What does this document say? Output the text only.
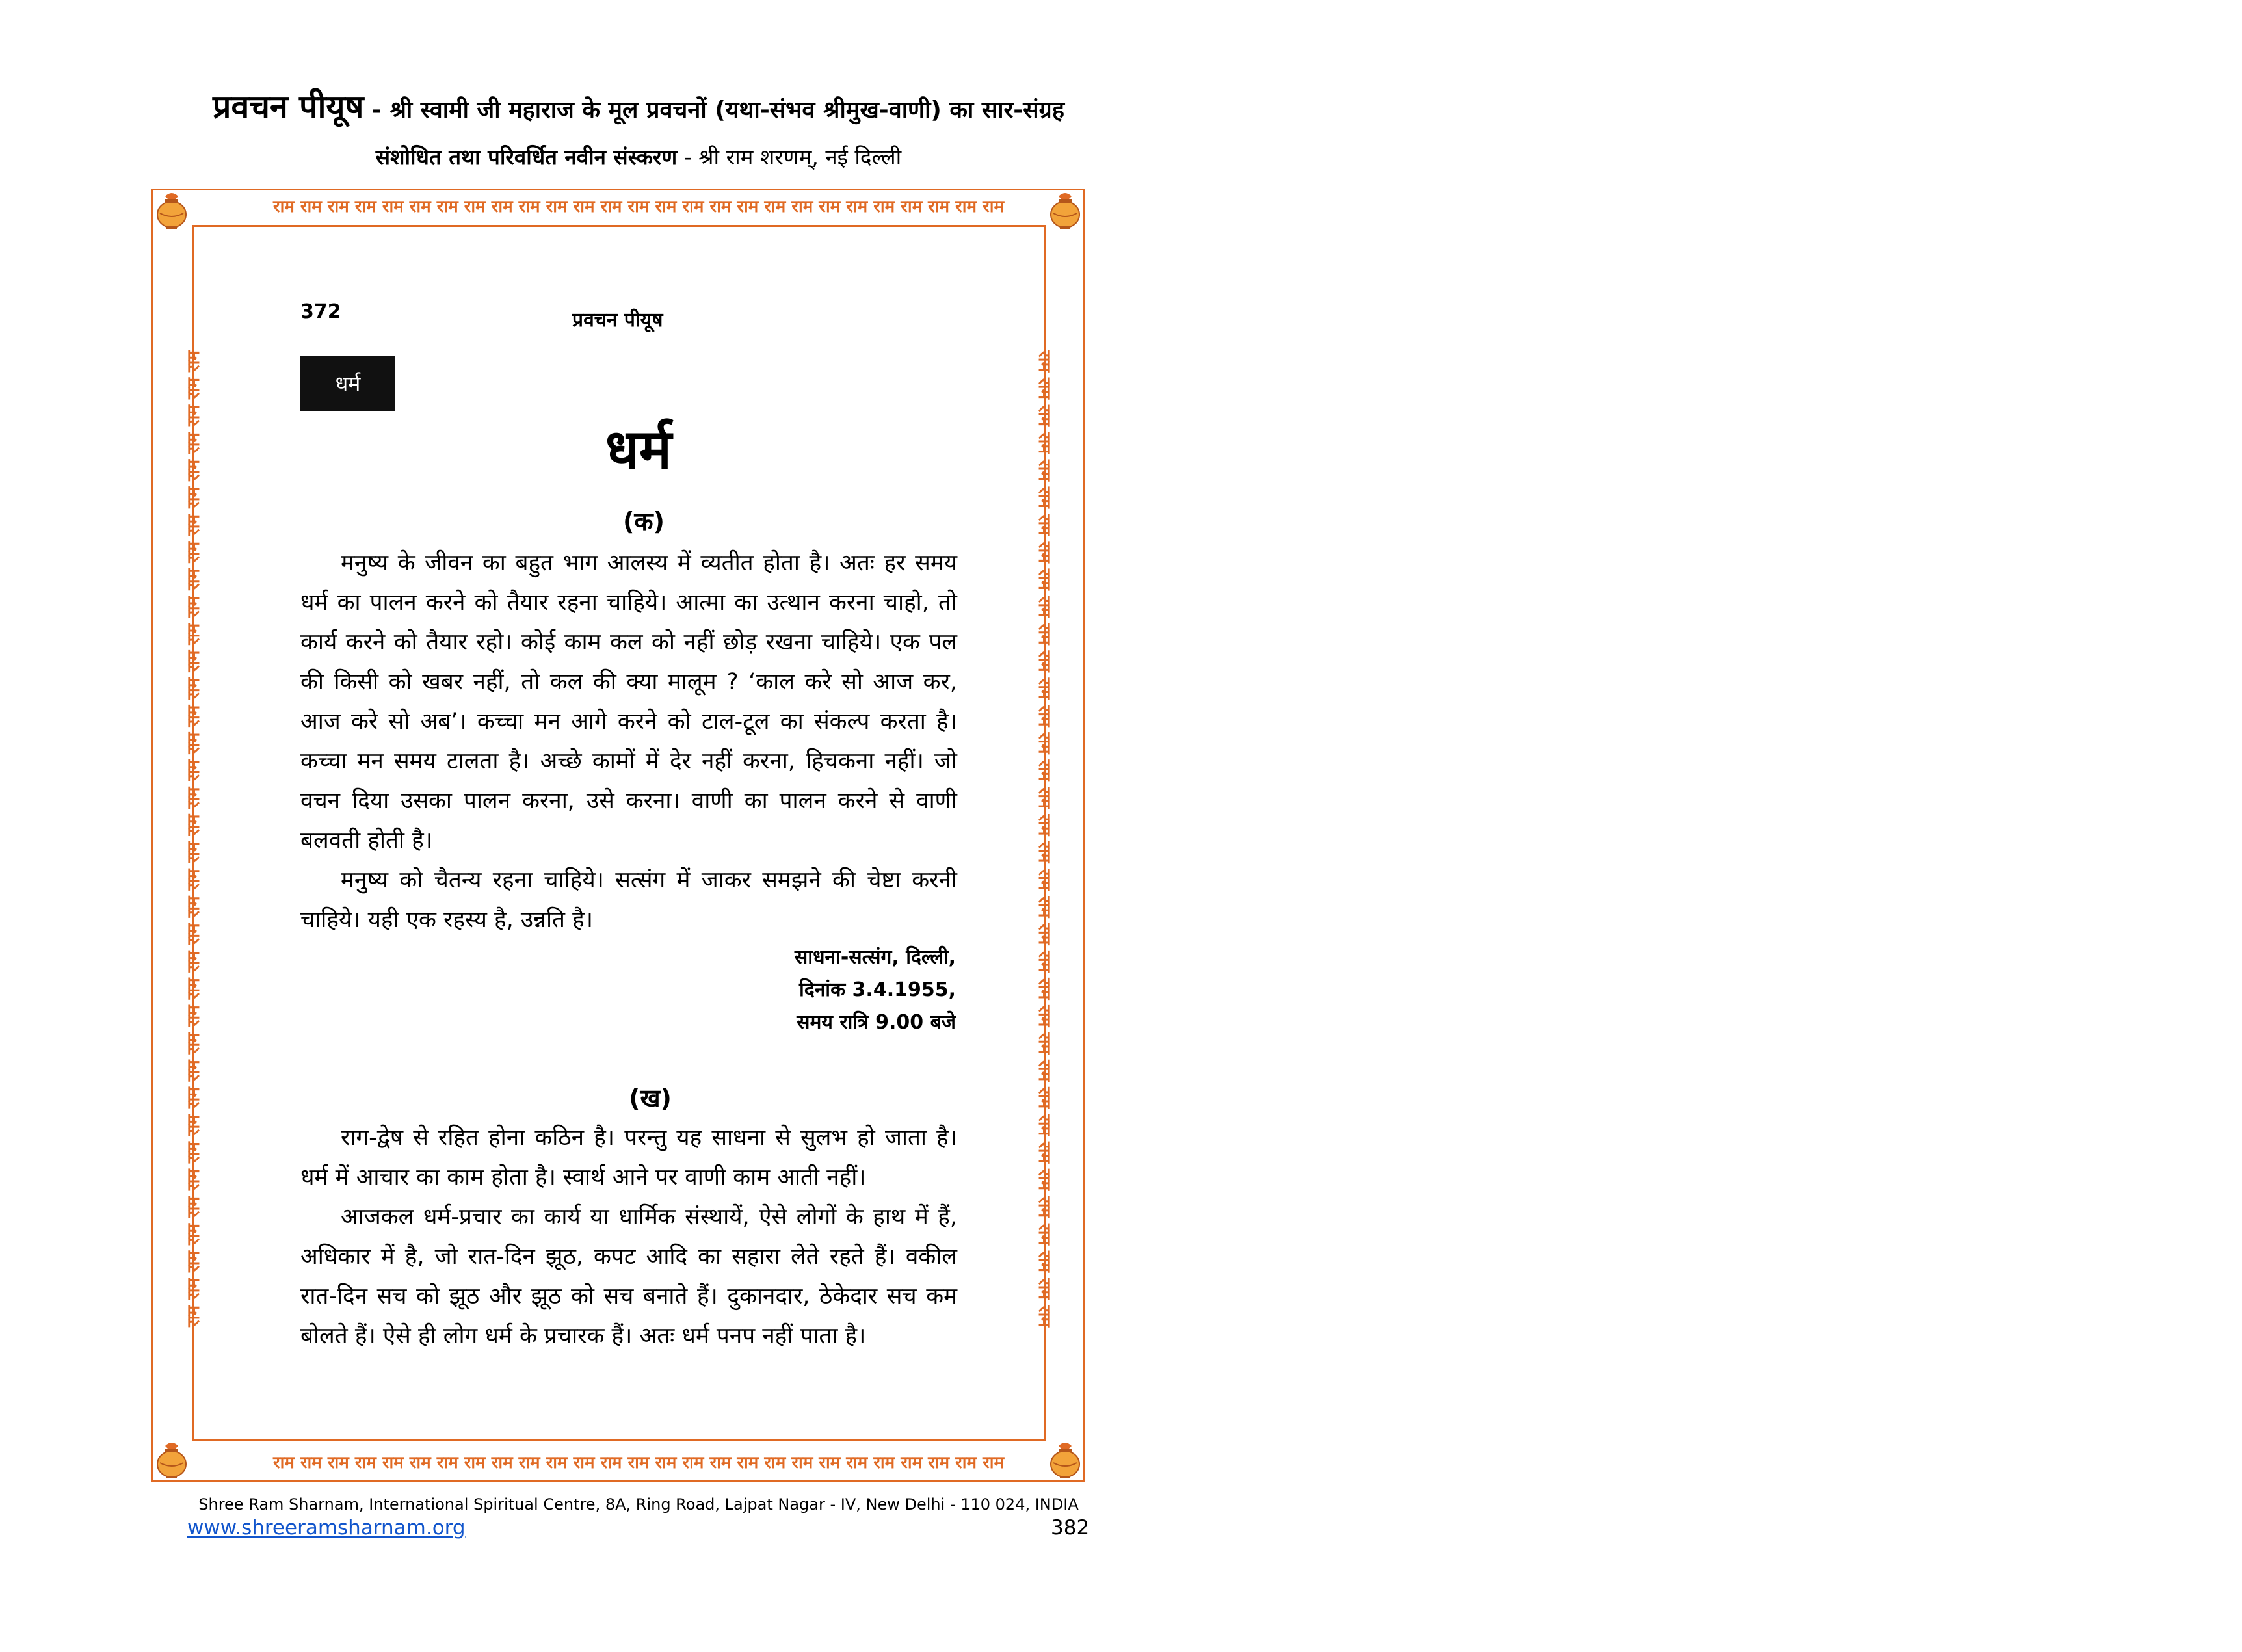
प्रवचन पीयूष - श्री स्वामी जी महाराज के मूल प्रवचनों (यथा-संभव श्रीमुख-वाणी) का सार-संग्रह
संशोधित तथा परिवर्धित नवीन संस्करण - श्री राम शरणम्, नई दिल्ली
राम राम राम राम राम राम राम राम राम राम राम राम राम राम राम राम राम राम राम राम राम राम राम राम राम राम राम
राम राम राम राम राम राम राम राम राम राम राम राम राम राम राम राम राम राम राम राम राम राम राम राम राम राम राम
राम राम राम राम राम राम राम राम राम राम राम राम राम राम राम राम राम राम राम राम राम राम राम राम राम राम राम राम राम राम राम राम राम राम राम राम	राम राम राम राम राम राम राम राम राम राम राम राम राम राम राम राम राम राम राम राम राम राम राम राम राम राम राम राम राम राम राम राम राम राम राम राम
372	प्रवचन पीयूष
धर्म
धर्म
(क)
मनुष्य के जीवन का बहुत भाग आलस्य में व्यतीत होता है। अतः हर समय धर्म का पालन करने को तैयार रहना चाहिये। आत्मा का उत्थान करना चाहो, तो कार्य करने को तैयार रहो। कोई काम कल को नहीं छोड़ रखना चाहिये। एक पल की किसी को खबर नहीं, तो कल की क्या मालूम ? ‘काल करे सो आज कर, आज करे सो अब’। कच्चा मन आगे करने को टाल-टूल का संकल्प करता है। कच्चा मन समय टालता है। अच्छे कामों में देर नहीं करना, हिचकना नहीं। जो वचन दिया उसका पालन करना, उसे करना। वाणी का पालन करने से वाणी बलवती होती है।
मनुष्य को चैतन्य रहना चाहिये। सत्संग में जाकर समझने की चेष्टा करनी चाहिये। यही एक रहस्य है, उन्नति है।
साधना-सत्संग, दिल्ली,
दिनांक 3.4.1955,
समय रात्रि 9.00 बजे
(ख)
राग-द्वेष से रहित होना कठिन है। परन्तु यह साधना से सुलभ हो जाता है। धर्म में आचार का काम होता है। स्वार्थ आने पर वाणी काम आती नहीं।
आजकल धर्म-प्रचार का कार्य या धार्मिक संस्थायें, ऐसे लोगों के हाथ में हैं, अधिकार में है, जो रात-दिन झूठ, कपट आदि का सहारा लेते रहते हैं। वकील रात-दिन सच को झूठ और झूठ को सच बनाते हैं। दुकानदार, ठेकेदार सच कम बोलते हैं। ऐसे ही लोग धर्म के प्रचारक हैं। अतः धर्म पनप नहीं पाता है।
Shree Ram Sharnam, International Spiritual Centre, 8A, Ring Road, Lajpat Nagar - IV, New Delhi - 110 024, INDIA
www.shreeramsharnam.org	382
